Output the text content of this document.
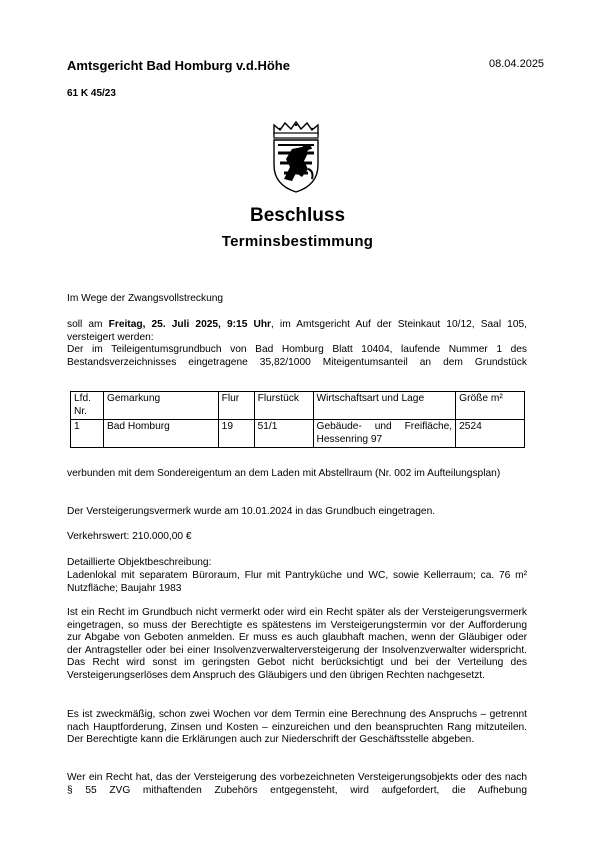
Amtsgericht Bad Homburg v.d.Höhe	08.04.2025
61 K 45/23
Beschluss
Terminsbestimmung
Im Wege der Zwangsvollstreckung
soll am Freitag, 25. Juli 2025, 9:15 Uhr, im Amtsgericht Auf der Steinkaut 10/12, Saal 105,
versteigert werden:
Der im Teileigentumsgrundbuch von Bad Homburg Blatt 10404, laufende Nummer 1 des
Bestandsverzeichnisses eingetragene 35,82/1000 Miteigentumsanteil an dem Grundstück
Lfd. Nr.	Gemarkung	Flur	Flurstück	Wirtschaftsart und Lage	Größe m²
1	Bad Homburg	19	51/1	Gebäude- und Freifläche, Hessenring 97	2524
verbunden mit dem Sondereigentum an dem Laden mit Abstellraum (Nr. 002 im Aufteilungsplan)
Der Versteigerungsvermerk wurde am 10.01.2024 in das Grundbuch eingetragen.
Verkehrswert: 210.000,00 €
Detaillierte Objektbeschreibung:
Ladenlokal mit separatem Büroraum, Flur mit Pantryküche und WC, sowie Kellerraum; ca. 76 m² Nutzfläche; Baujahr 1983
Ist ein Recht im Grundbuch nicht vermerkt oder wird ein Recht später als der Versteigerungsvermerk eingetragen, so muss der Berechtigte es spätestens im Versteigerungstermin vor der Aufforderung zur Abgabe von Geboten anmelden. Er muss es auch glaubhaft machen, wenn der Gläubiger oder der Antragsteller oder bei einer Insolvenzverwalterversteigerung der Insolvenzverwalter widerspricht. Das Recht wird sonst im geringsten Gebot nicht berücksichtigt und bei der Verteilung des Versteigerungserlöses dem Anspruch des Gläubigers und den übrigen Rechten nachgesetzt.
Es ist zweckmäßig, schon zwei Wochen vor dem Termin eine Berechnung des Anspruchs – getrennt nach Hauptforderung, Zinsen und Kosten – einzureichen und den beanspruchten Rang mitzuteilen. Der Berechtigte kann die Erklärungen auch zur Niederschrift der Geschäftsstelle abgeben.
Wer ein Recht hat, das der Versteigerung des vorbezeichneten Versteigerungsobjekts oder des nach § 55 ZVG mithaftenden Zubehörs entgegensteht, wird aufgefordert, die Aufhebung
